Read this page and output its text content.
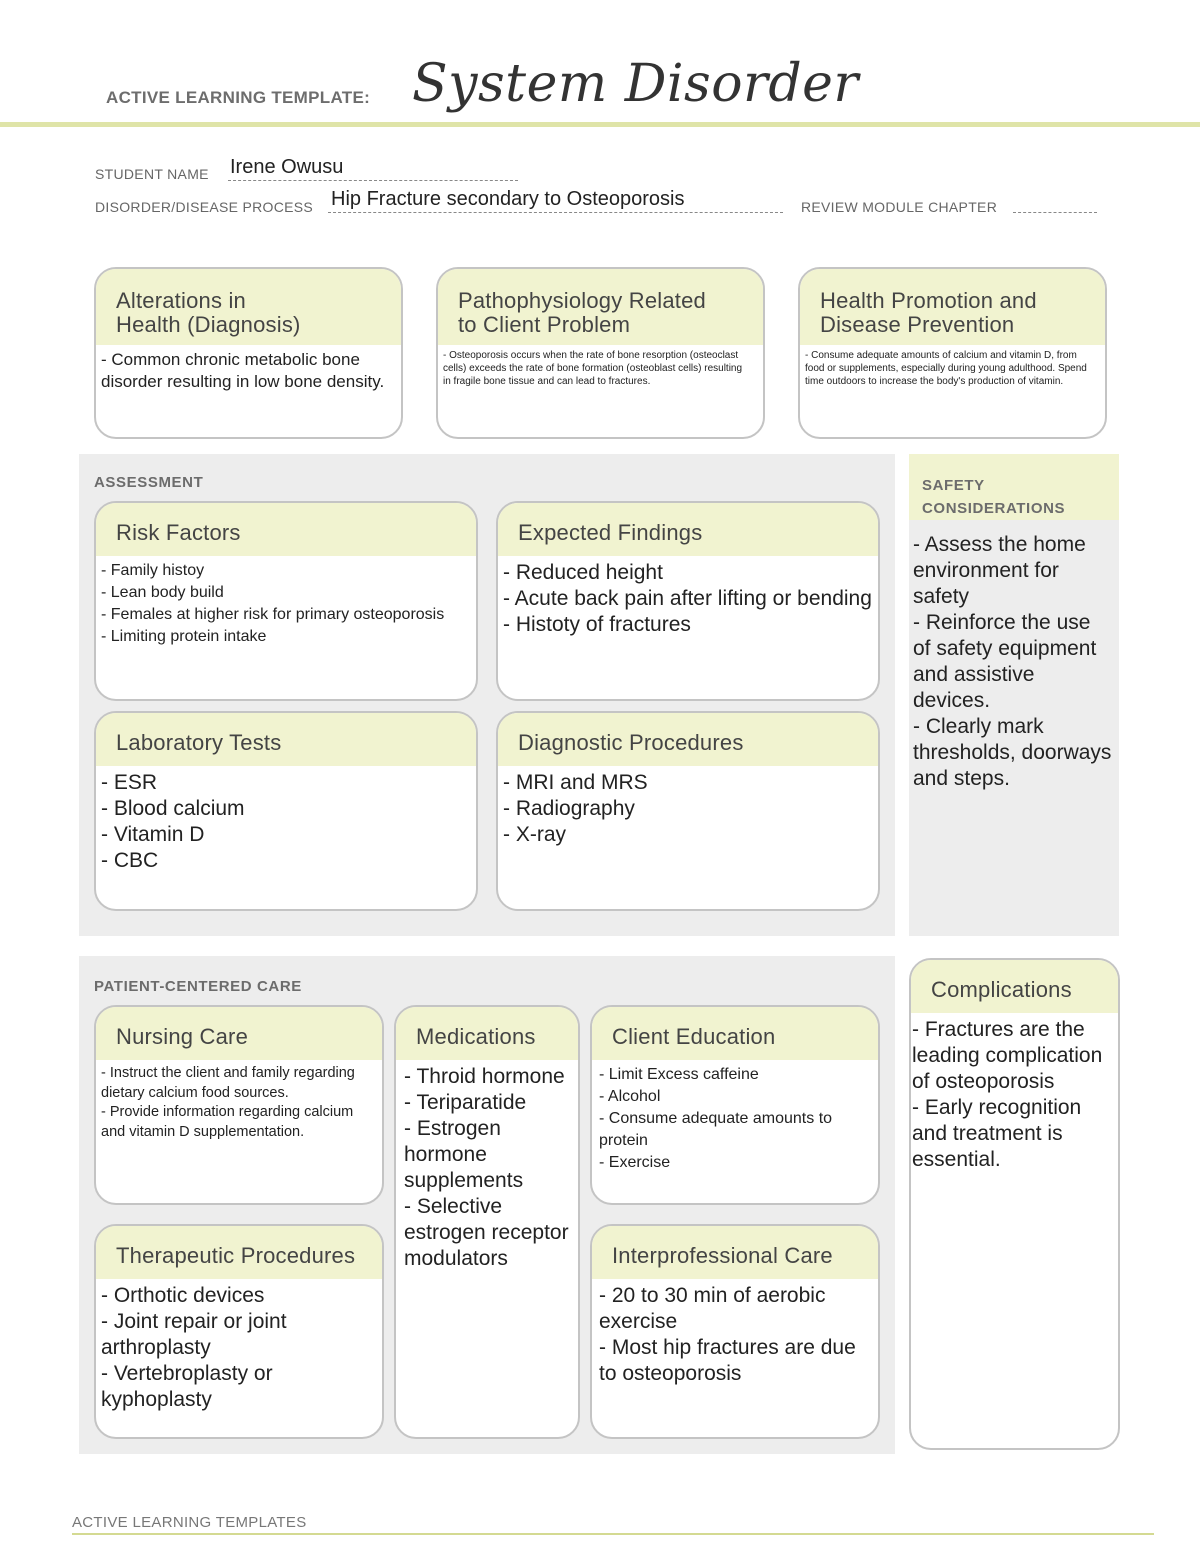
ACTIVE LEARNING TEMPLATE: System Disorder
STUDENT NAME Irene Owusu
DISORDER/DISEASE PROCESS Hip Fracture secondary to Osteoporosis	REVIEW MODULE CHAPTER
Alterations in
Health (Diagnosis)
- Common chronic metabolic bone disorder resulting in low bone density.
Pathophysiology Related
to Client Problem
- Osteoporosis occurs when the rate of bone resorption (osteoclast cells) exceeds the rate of bone formation (osteoblast cells) resulting in fragile bone tissue and can lead to fractures.
Health Promotion and
Disease Prevention
- Consume adequate amounts of calcium and vitamin D, from food or supplements, especially during young adulthood. Spend time outdoors to increase the body's production of vitamin.
ASSESSMENT
Risk Factors
- Family histoy
- Lean body build
- Females at higher risk for primary osteoporosis
- Limiting protein intake
Expected Findings
- Reduced height
- Acute back pain after lifting or bending
- Histoty of fractures
Laboratory Tests
- ESR
- Blood calcium
- Vitamin D
- CBC
Diagnostic Procedures
- MRI and MRS
- Radiography
- X-ray
SAFETY
CONSIDERATIONS
- Assess the home environment for safety
- Reinforce the use of safety equipment and assistive devices.
- Clearly mark thresholds, doorways and steps.
PATIENT-CENTERED CARE
Nursing Care
- Instruct the client and family regarding dietary calcium food sources.
- Provide information regarding calcium and vitamin D supplementation.
Medications
- Throid hormone
- Teriparatide
- Estrogen hormone supplements
- Selective estrogen receptor modulators
Client Education
- Limit Excess caffeine
- Alcohol
- Consume adequate amounts to protein
- Exercise
Therapeutic Procedures
- Orthotic devices
- Joint repair or joint arthroplasty
- Vertebroplasty or kyphoplasty
Interprofessional Care
- 20 to 30 min of aerobic exercise
- Most hip fractures are due to osteoporosis
Complications
- Fractures are the leading complication of osteoporosis
- Early recognition and treatment is essential.
ACTIVE LEARNING TEMPLATES
